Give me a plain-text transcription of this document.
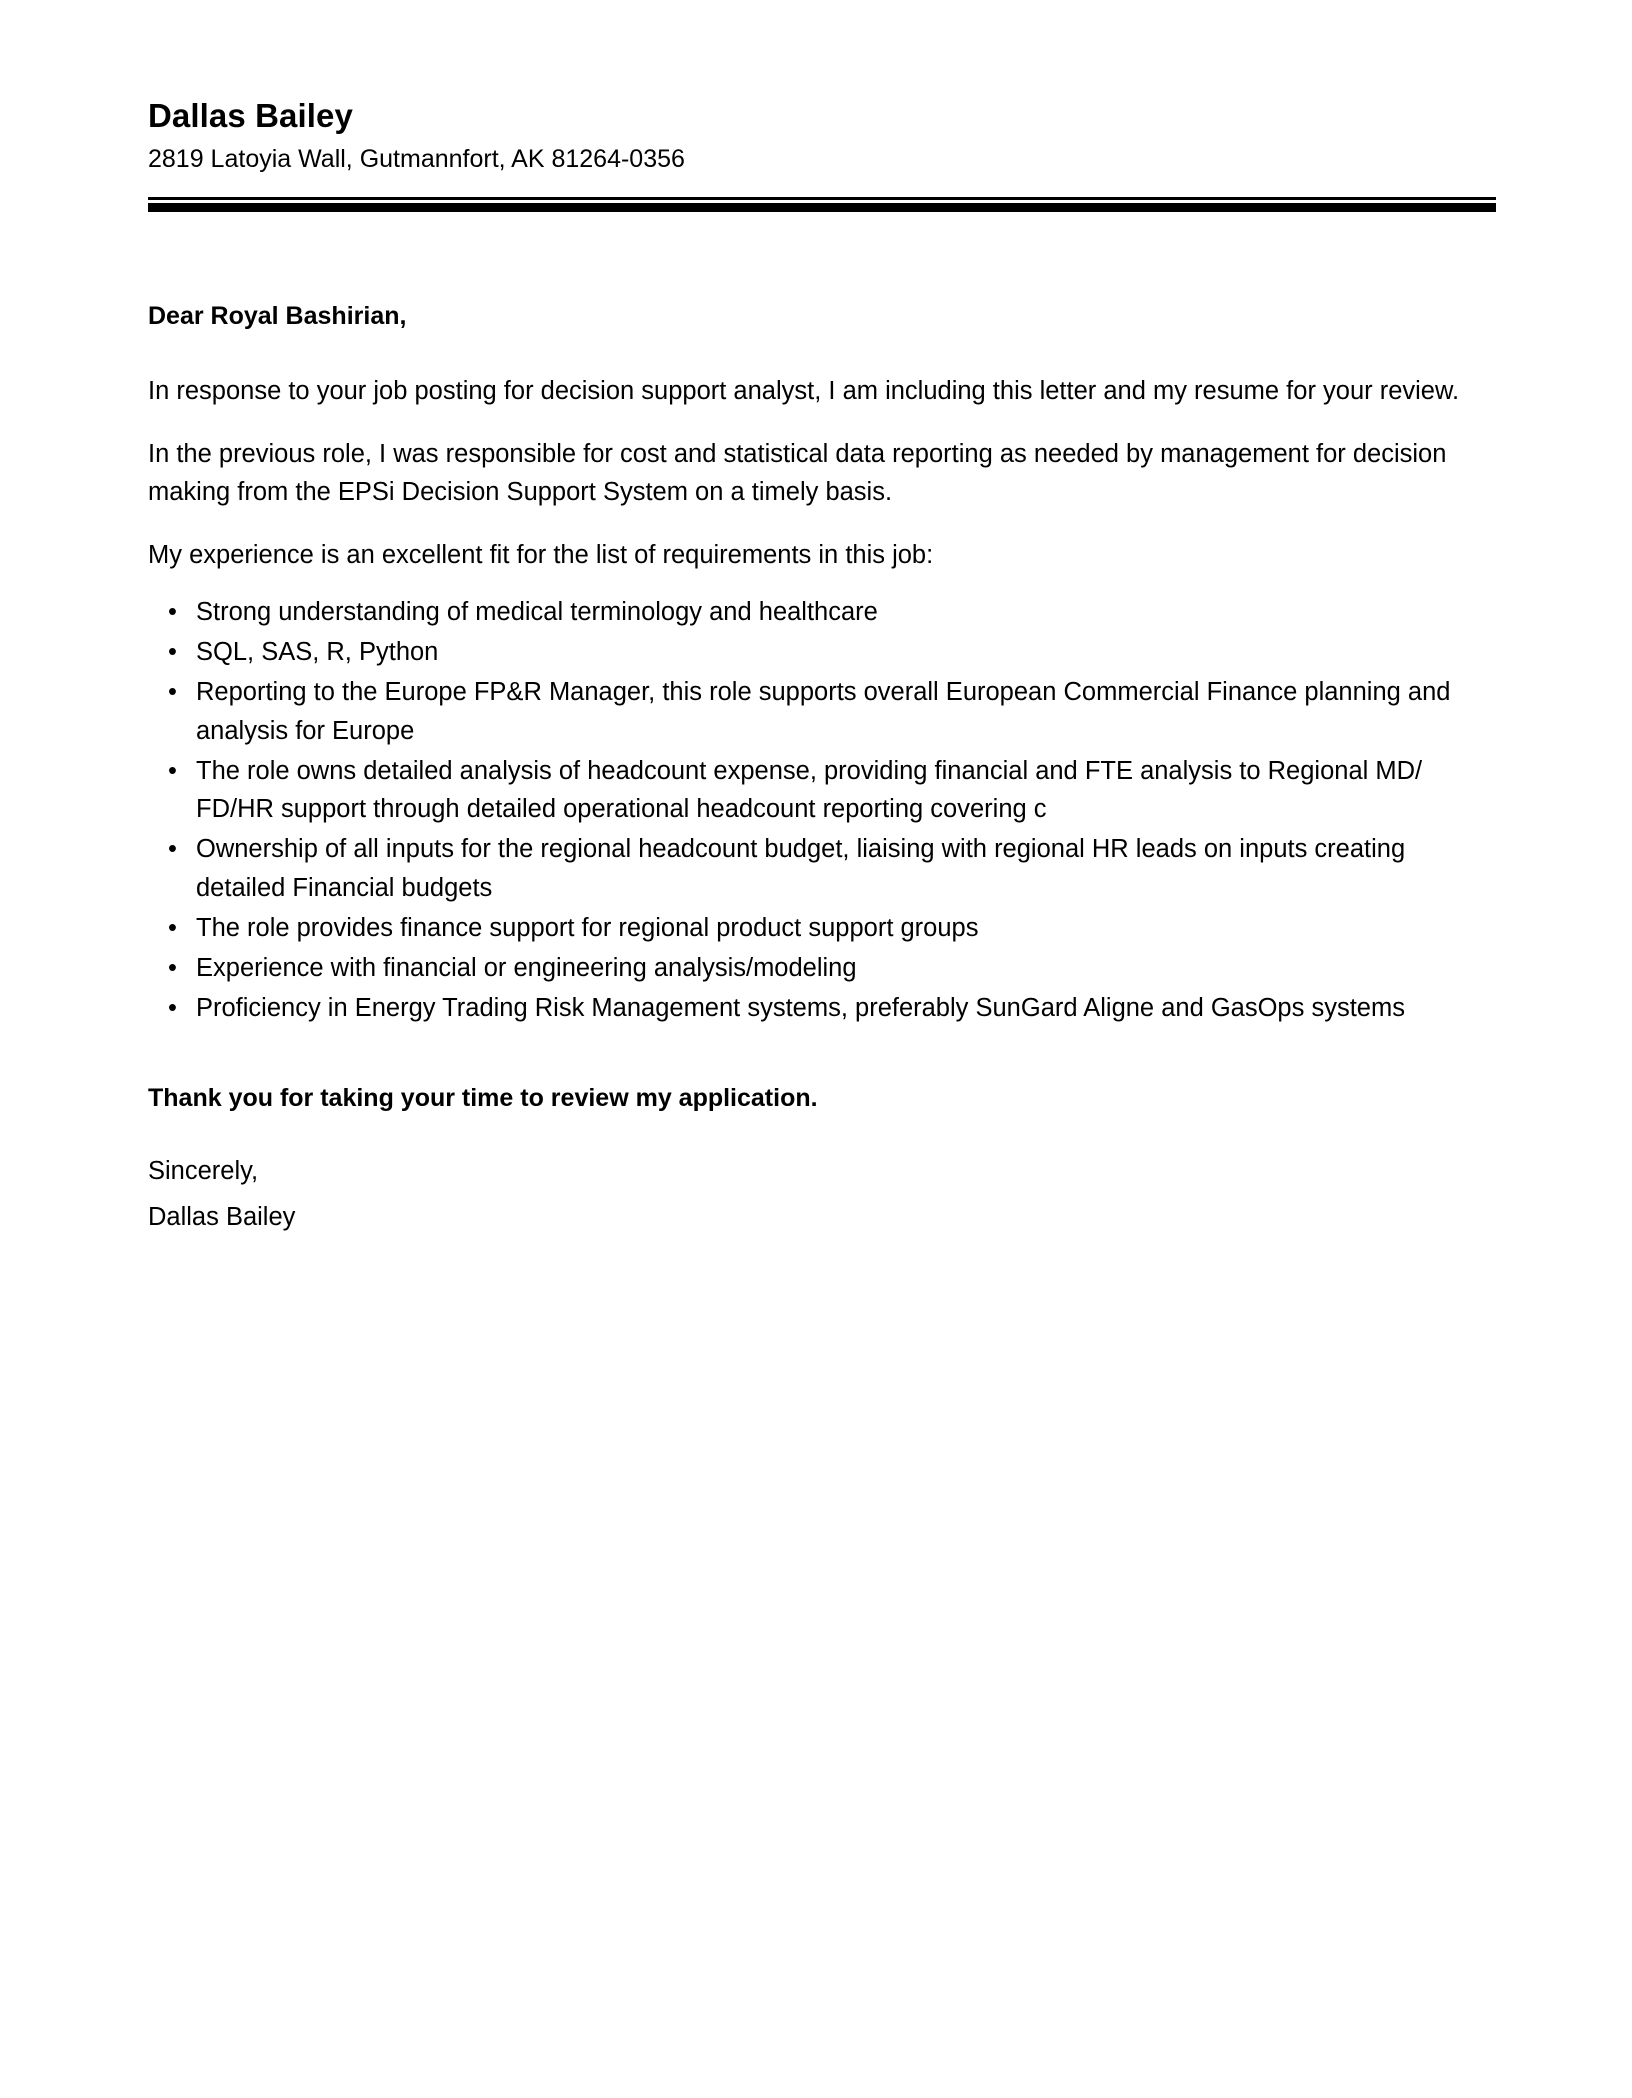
Dallas Bailey
2819 Latoyia Wall, Gutmannfort, AK 81264-0356
Dear Royal Bashirian,

In response to your job posting for decision support analyst, I am including this letter and my resume for your review.

In the previous role, I was responsible for cost and statistical data reporting as needed by management for decision making from the EPSi Decision Support System on a timely basis.

My experience is an excellent fit for the list of requirements in this job:

• Strong understanding of medical terminology and healthcare
• SQL, SAS, R, Python
• Reporting to the Europe FP&R Manager, this role supports overall European Commercial Finance planning and analysis for Europe
• The role owns detailed analysis of headcount expense, providing financial and FTE analysis to Regional MD/ FD/HR support through detailed operational headcount reporting covering c
• Ownership of all inputs for the regional headcount budget, liaising with regional HR leads on inputs creating detailed Financial budgets
• The role provides finance support for regional product support groups
• Experience with financial or engineering analysis/modeling
• Proficiency in Energy Trading Risk Management systems, preferably SunGard Aligne and GasOps systems
Thank you for taking your time to review my application.
Sincerely,
Dallas Bailey
